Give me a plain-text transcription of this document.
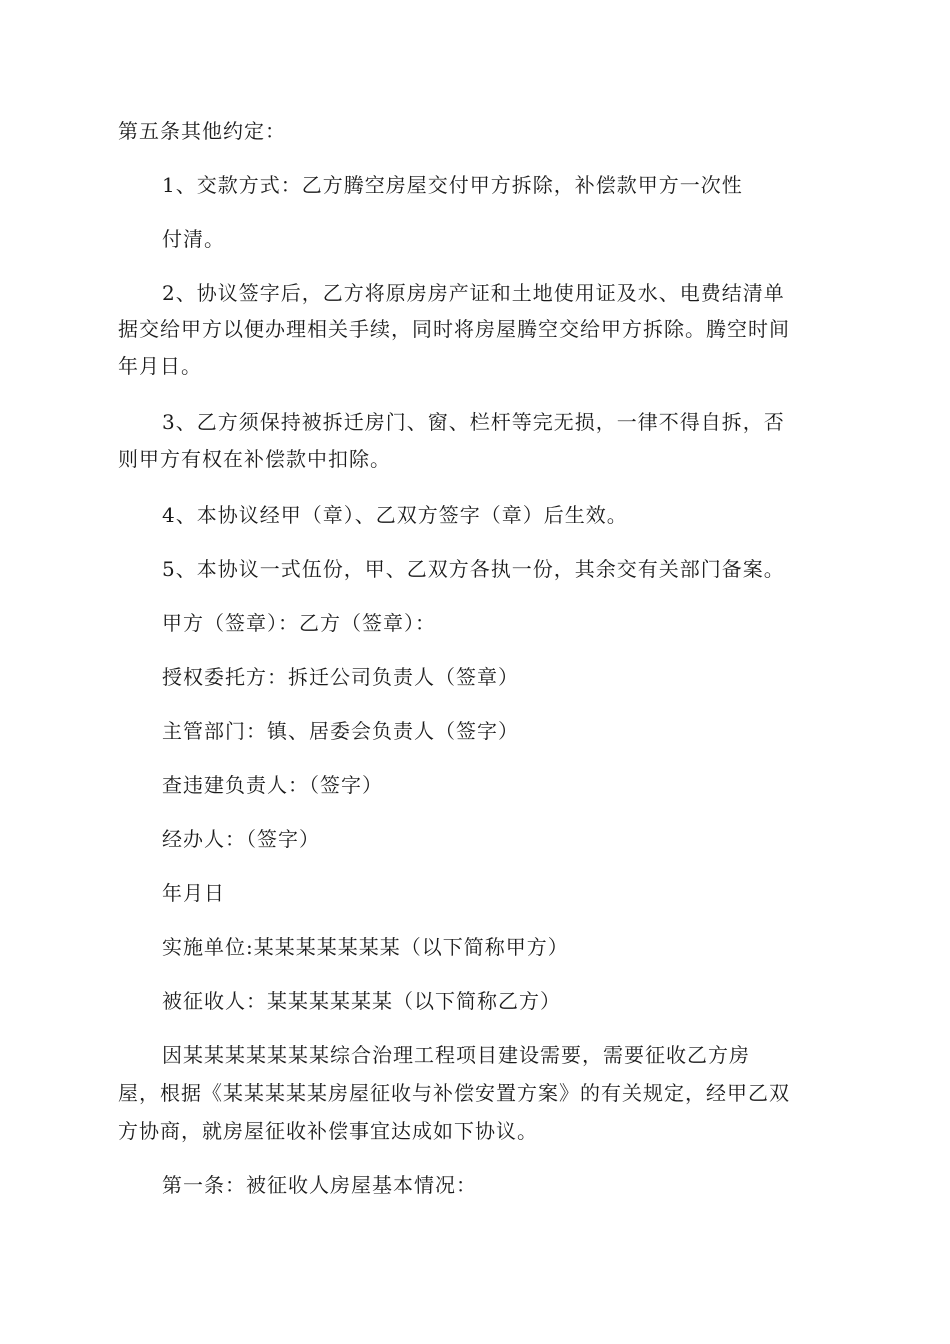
第五条其他约定：
1、交款方式：乙方腾空房屋交付甲方拆除，补偿款甲方一次性
付清。
2、协议签字后，乙方将原房房产证和土地使用证及水、电费结清单
据交给甲方以便办理相关手续，同时将房屋腾空交给甲方拆除。腾空时间
年月日。
3、乙方须保持被拆迁房门、窗、栏杆等完无损，一律不得自拆，否
则甲方有权在补偿款中扣除。
4、本协议经甲（章）、乙双方签字（章）后生效。
5、本协议一式伍份，甲、乙双方各执一份，其余交有关部门备案。
甲方（签章）：乙方（签章）：
授权委托方：拆迁公司负责人（签章）
主管部门：镇、居委会负责人（签字）
查违建负责人：（签字）
经办人：（签字）
年月日
实施单位:某某某某某某某（以下简称甲方）
被征收人：某某某某某某（以下简称乙方）
因某某某某某某某综合治理工程项目建设需要，需要征收乙方房
屋，根据《某某某某某房屋征收与补偿安置方案》的有关规定，经甲乙双
方协商，就房屋征收补偿事宜达成如下协议。
第一条：被征收人房屋基本情况：
